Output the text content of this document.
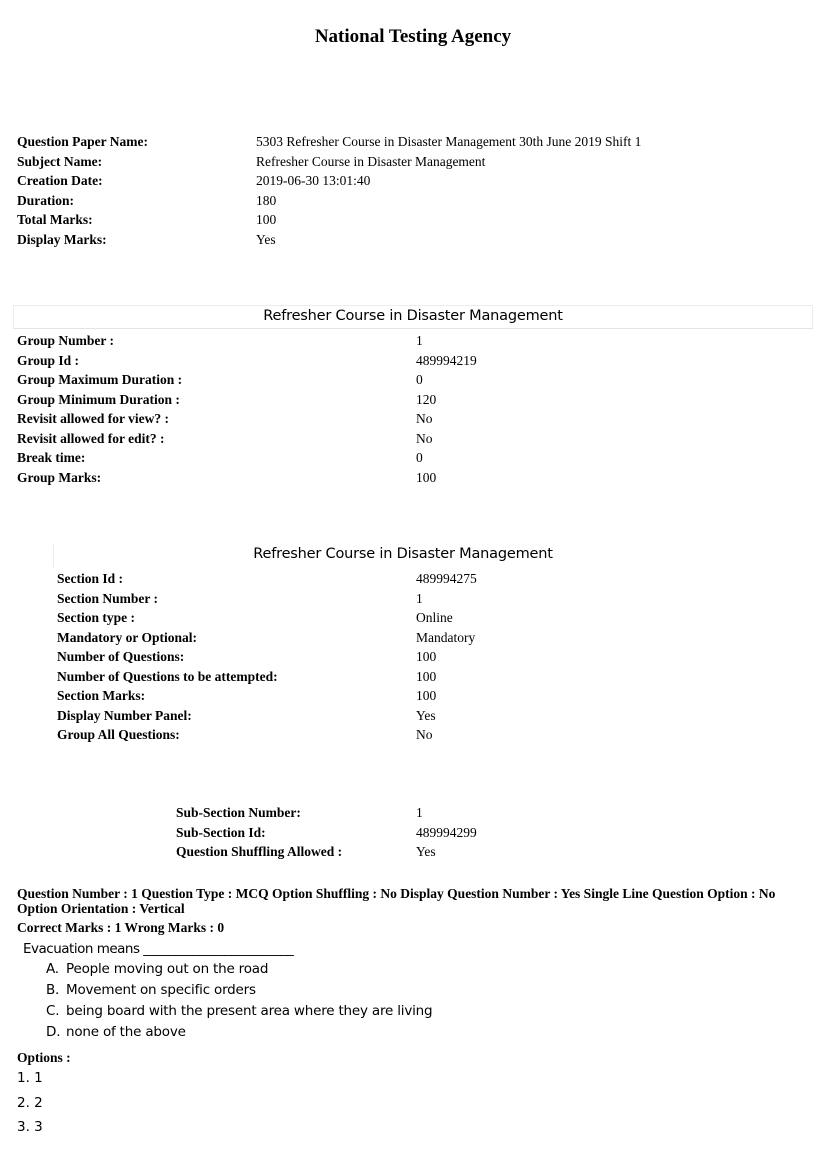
National Testing Agency
Question Paper Name:	5303 Refresher Course in Disaster Management 30th June 2019 Shift 1
Subject Name:	Refresher Course in Disaster Management
Creation Date:	2019-06-30 13:01:40
Duration:	180
Total Marks:	100
Display Marks:	Yes
Refresher Course in Disaster Management
Group Number :	1
Group Id :	489994219
Group Maximum Duration :	0
Group Minimum Duration :	120
Revisit allowed for view? :	No
Revisit allowed for edit? :	No
Break time:	0
Group Marks:	100
Refresher Course in Disaster Management
Section Id :	489994275
Section Number :	1
Section type :	Online
Mandatory or Optional:	Mandatory
Number of Questions:	100
Number of Questions to be attempted:	100
Section Marks:	100
Display Number Panel:	Yes
Group All Questions:	No
Sub-Section Number:	1
Sub-Section Id:	489994299
Question Shuffling Allowed :	Yes
Question Number : 1 Question Type : MCQ Option Shuffling : No Display Question Number : Yes Single Line Question Option : No Option Orientation : Vertical
Correct Marks : 1 Wrong Marks : 0
Evacuation means ________________________
A. People moving out on the road
B. Movement on specific orders
C. being board with the present area where they are living
D. none of the above
Options :
1. 1
2. 2
3. 3
